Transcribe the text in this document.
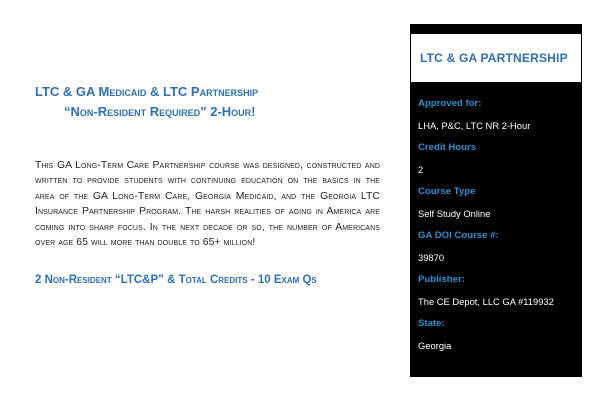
LTC & GA Medicaid & LTC Partnership
“Non-Resident Required” 2-Hour!

This GA Long-Term Care Partnership course was designed, constructed and written to provide students with continuing education on the basics in the area of the GA Long-Term Care, Georgia Medicaid, and the Georgia LTC Insurance Partnership Program. The harsh realities of aging in America are coming into sharp focus. In the next decade or so, the number of Americans over age 65 will more than double to 65+ million!

2 Non-Resident “LTC&P” & Total Credits - 10 Exam Qs

LTC & GA PARTNERSHIP
Approved for:
LHA, P&C, LTC NR 2-Hour
Credit Hours
2
Course Type
Self Study Online
GA DOI Course #:
39870
Publisher:
The CE Depot, LLC GA #119932
State:
Georgia
